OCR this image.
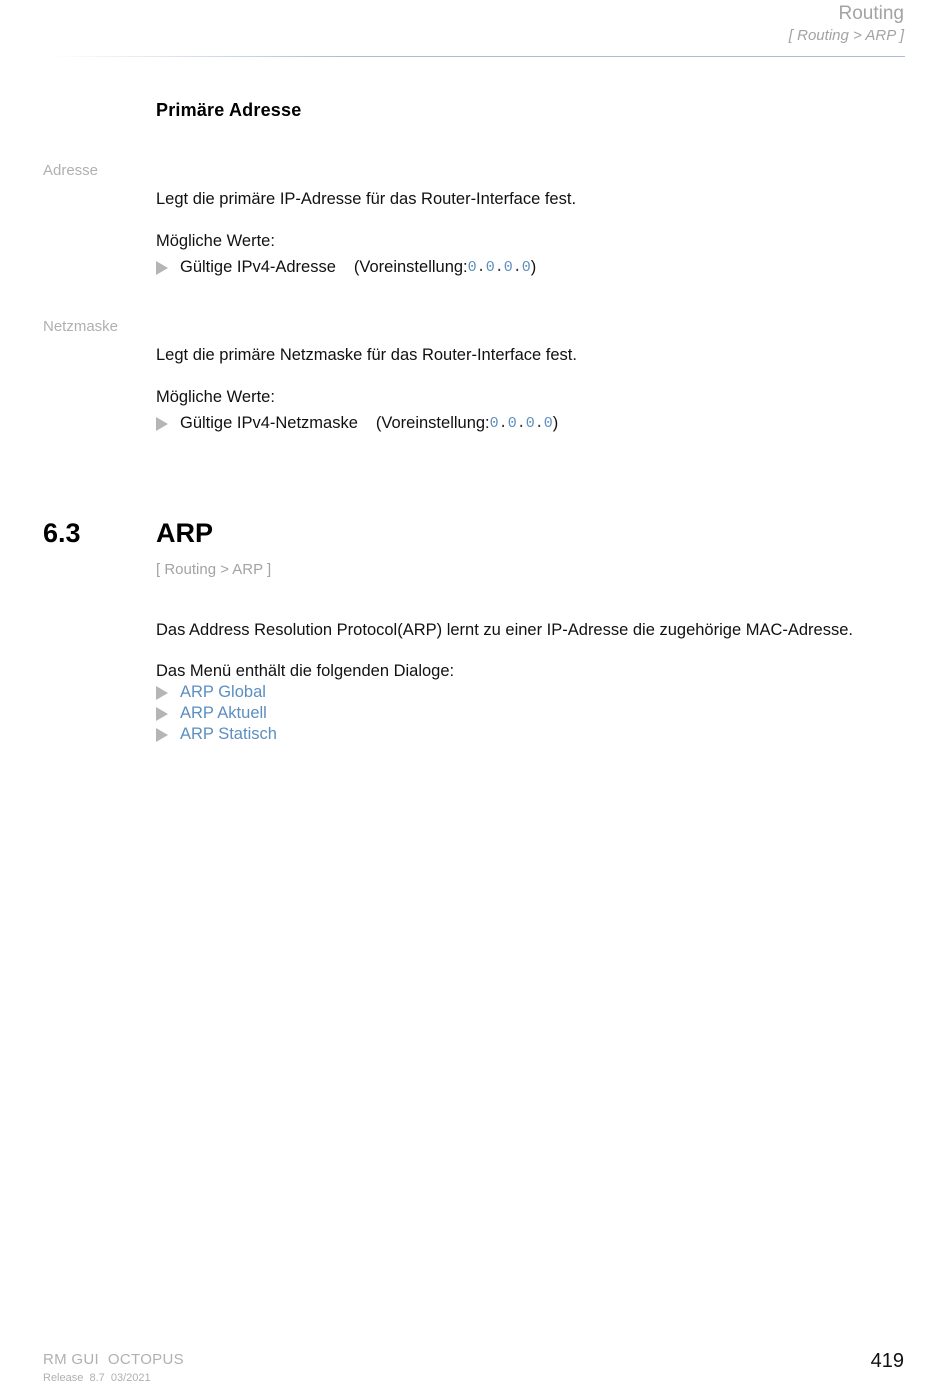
Routing
[ Routing > ARP ]
Primäre Adresse
Adresse
Legt die primäre IP-Adresse für das Router-Interface fest.
Mögliche Werte:
Gültige IPv4-Adresse (Voreinstellung: 0 . 0 . 0 . 0 )
Netzmaske
Legt die primäre Netzmaske für das Router-Interface fest.
Mögliche Werte:
Gültige IPv4-Netzmaske (Voreinstellung: 0 . 0 . 0 . 0 )
6.3	ARP
[ Routing > ARP ]
Das Address Resolution Protocol(ARP) lernt zu einer IP-Adresse die zugehörige MAC-Adresse.
Das Menü enthält die folgenden Dialoge:
ARP Global
ARP Aktuell
ARP Statisch
RM GUI  OCTOPUS
Release  8.7  03/2021
419
